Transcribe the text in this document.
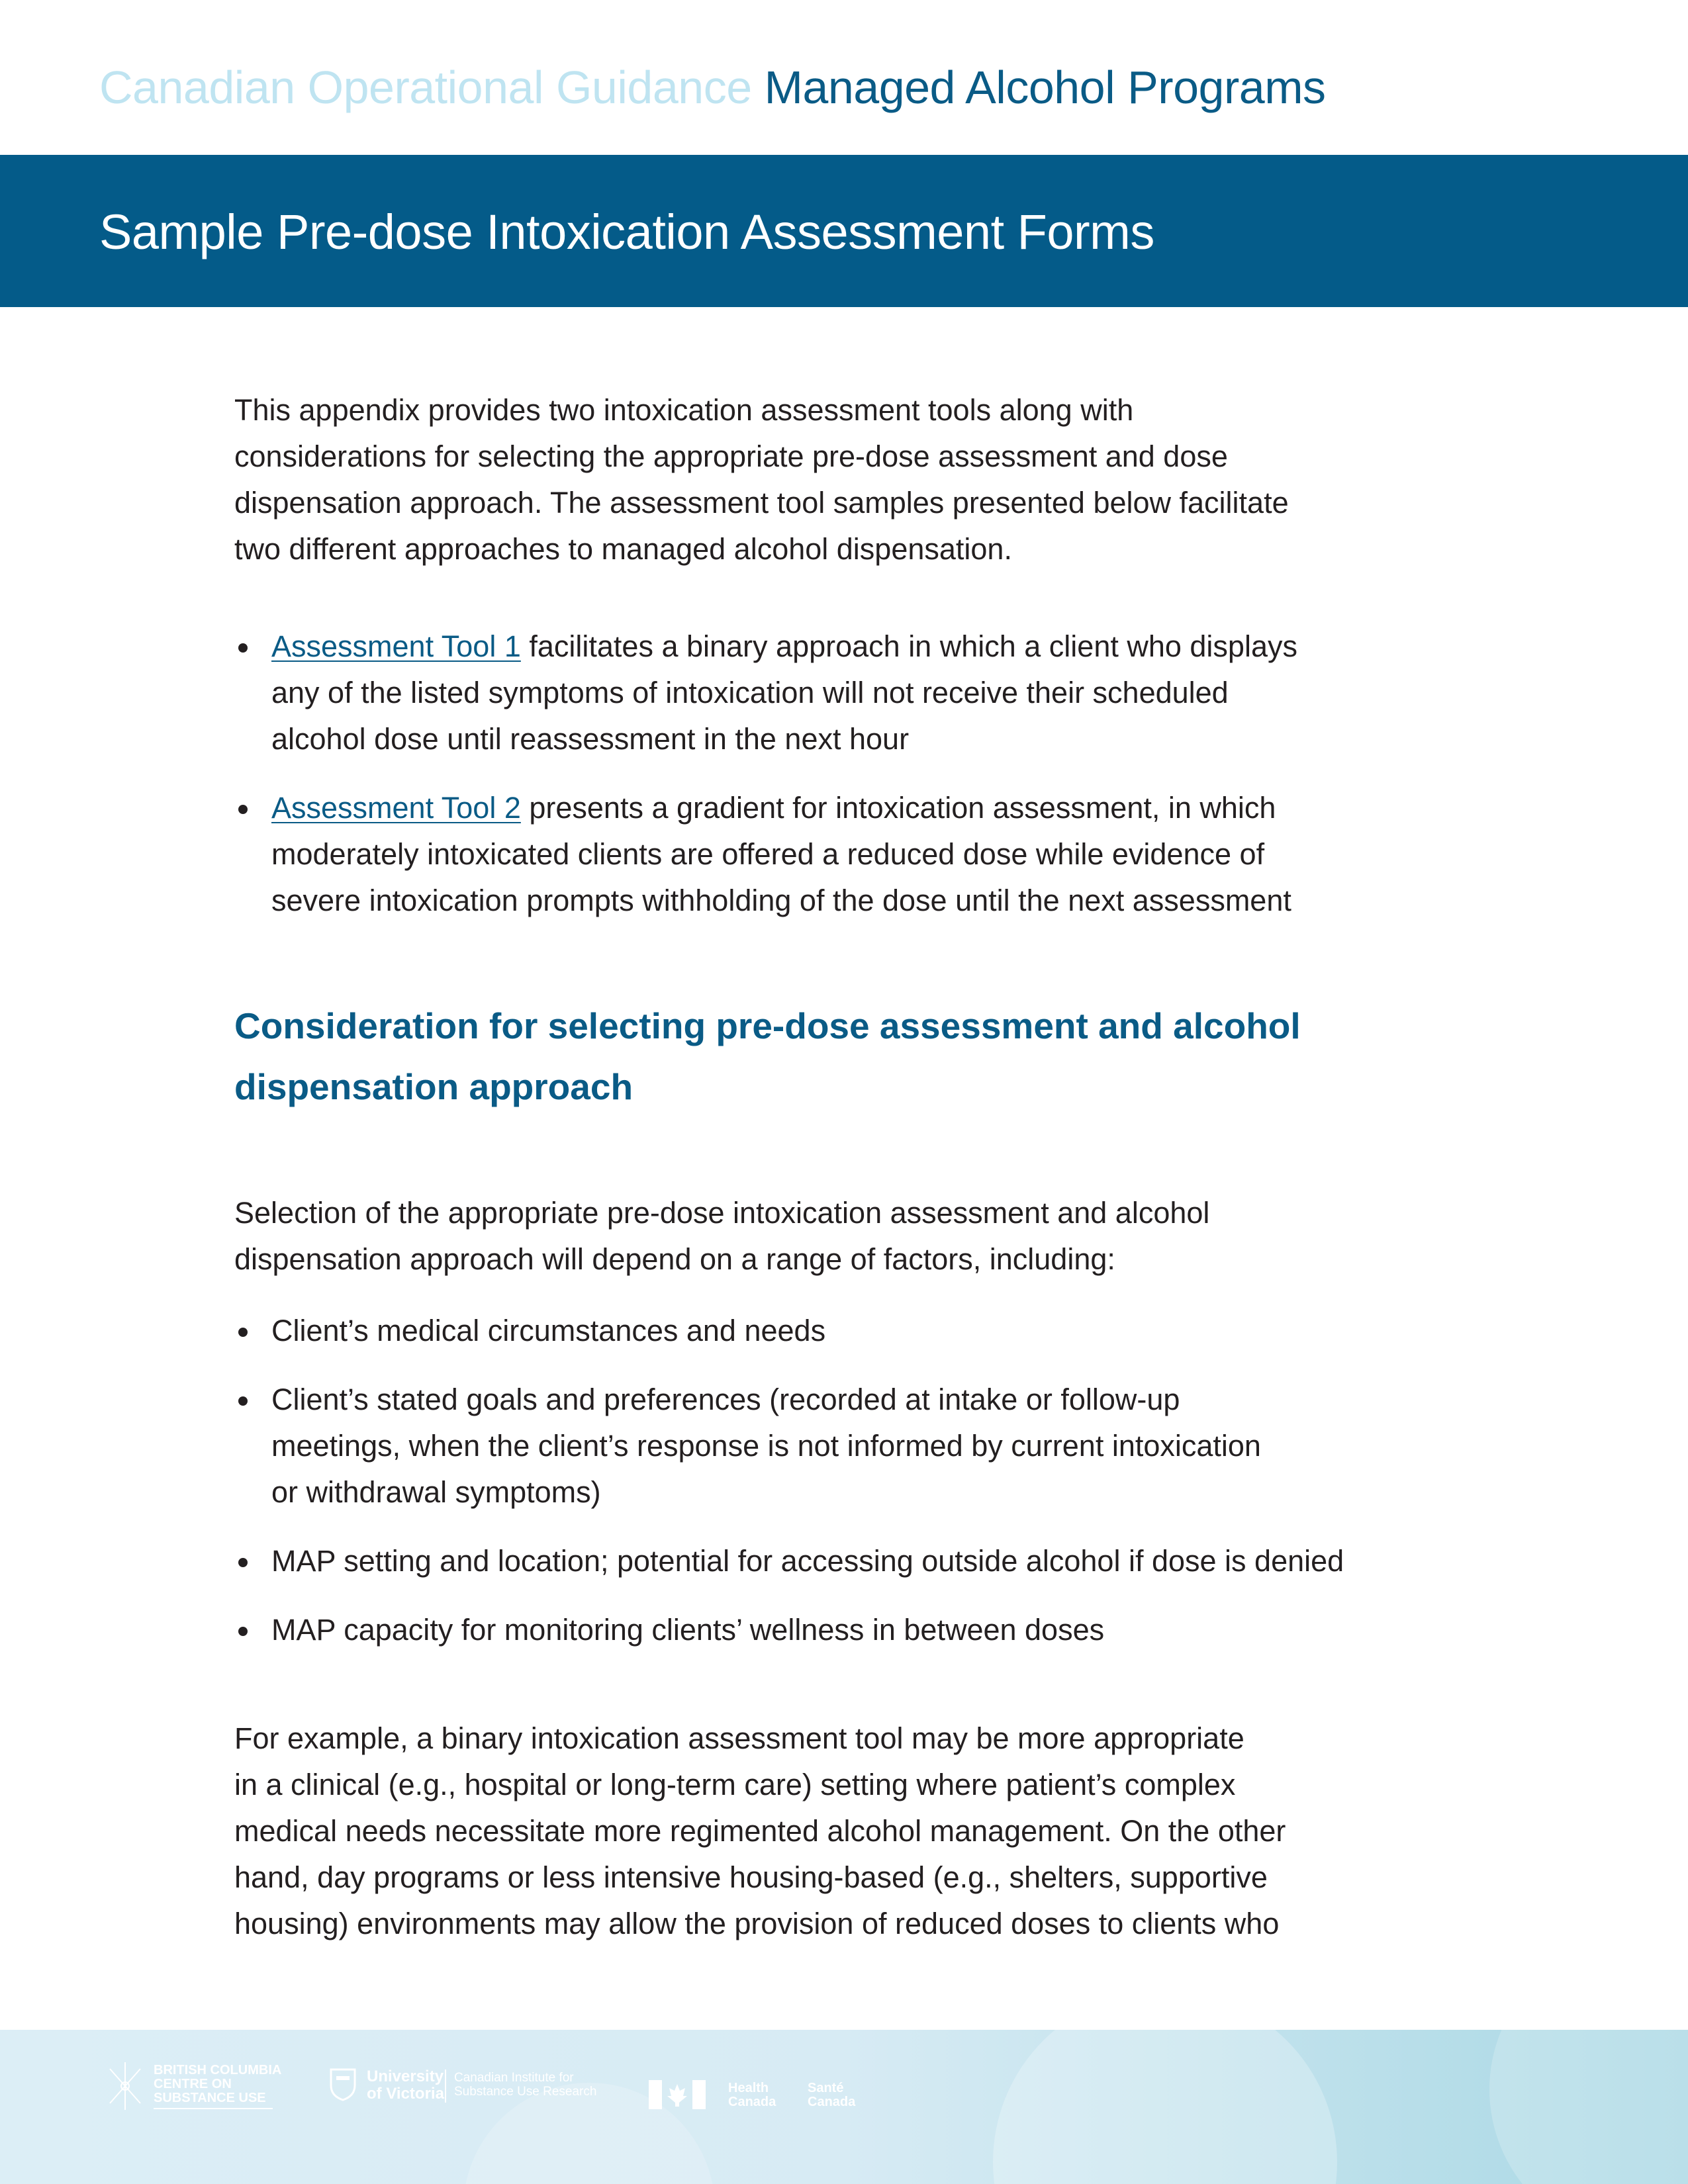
Canadian Operational Guidance Managed Alcohol Programs
Sample Pre-dose Intoxication Assessment Forms

This appendix provides two intoxication assessment tools along with

considerations for selecting the appropriate pre-dose assessment and dose

dispensation approach. The assessment tool samples presented below facilitate

two different approaches to managed alcohol dispensation.

Assessment Tool 1 facilitates a binary approach in which a client who displays
any of the listed symptoms of intoxication will not receive their scheduled
alcohol dose until reassessment in the next hour
Assessment Tool 2 presents a gradient for intoxication assessment, in which
moderately intoxicated clients are offered a reduced dose while evidence of
severe intoxication prompts withholding of the dose until the next assessment
Consideration for selecting pre-dose assessment and alcohol
dispensation approach

Selection of the appropriate pre-dose intoxication assessment and alcohol

dispensation approach will depend on a range of factors, including:

Client’s medical circumstances and needs
Client’s stated goals and preferences (recorded at intake or follow-up
meetings, when the client’s response is not informed by current intoxication
or withdrawal symptoms)
MAP setting and location; potential for accessing outside alcohol if dose is denied
MAP capacity for monitoring clients’ wellness in between doses

For example, a binary intoxication assessment tool may be more appropriate

in a clinical (e.g., hospital or long-term care) setting where patient’s complex

medical needs necessitate more regimented alcohol management. On the other

hand, day programs or less intensive housing-based (e.g., shelters, supportive

housing) environments may allow the provision of reduced doses to clients who

BRITISH COLUMBIA
CENTRE ON
SUBSTANCE USE
University
of Victoria
Canadian Institute for
Substance Use Research	Health
Canada
Santé
Canada
